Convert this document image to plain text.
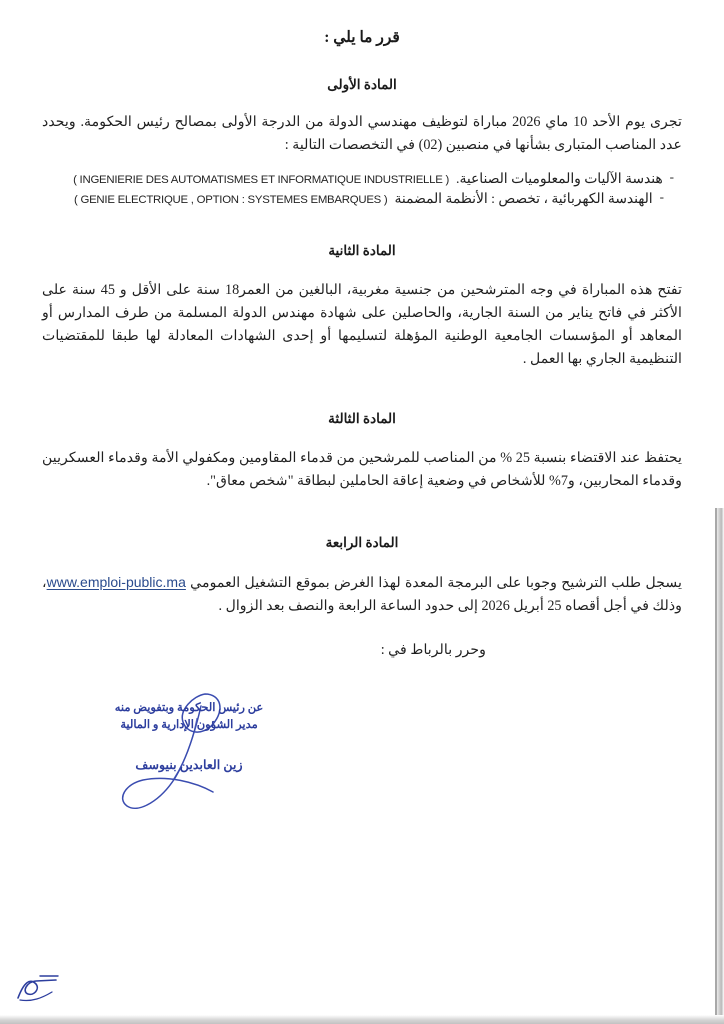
قرر ما يلي :
المادة الأولى
تجرى يوم الأحد 10 ماي 2026 مباراة لتوظيف مهندسي الدولة من الدرجة الأولى بمصالح رئيس الحكومة. ويحدد عدد المناصب المتبارى بشأنها في منصبين (02) في التخصصات التالية :
-
هندسة الآليات والمعلوميات الصناعية.
( INGENIERIE DES AUTOMATISMES ET INFORMATIQUE INDUSTRIELLE )
-
الهندسة الكهربائية ، تخصص : الأنظمة المضمنة
( GENIE ELECTRIQUE , OPTION : SYSTEMES EMBARQUES )
المادة الثانية
تفتح هذه المباراة في وجه المترشحين من جنسية مغربية، البالغين من العمر18 سنة على الأقل و 45 سنة على الأكثر في فاتح يناير من السنة الجارية، والحاصلين على شهادة مهندس الدولة المسلمة من طرف المدارس أو المعاهد أو المؤسسات الجامعية الوطنية المؤهلة لتسليمها أو إحدى الشهادات المعادلة لها طبقا للمقتضيات التنظيمية الجاري بها العمل .
المادة الثالثة
يحتفظ عند الاقتضاء بنسبة 25 % من المناصب للمرشحين من قدماء المقاومين ومكفولي الأمة وقدماء العسكريين وقدماء المحاربين، و7% للأشخاص في وضعية إعاقة الحاملين لبطاقة "شخص معاق".
المادة الرابعة
يسجل طلب الترشيح وجوبا على البرمجة المعدة لهذا الغرض بموقع التشغيل العمومي www.emploi-public.ma، وذلك في أجل أقصاه 25 أبريل 2026 إلى حدود الساعة الرابعة والنصف بعد الزوال .
وحرر بالرباط في :
عن رئيس الحكومة وبتفويض منه
مدير الشؤون الإدارية و المالية
زين العابدين بنيوسف
